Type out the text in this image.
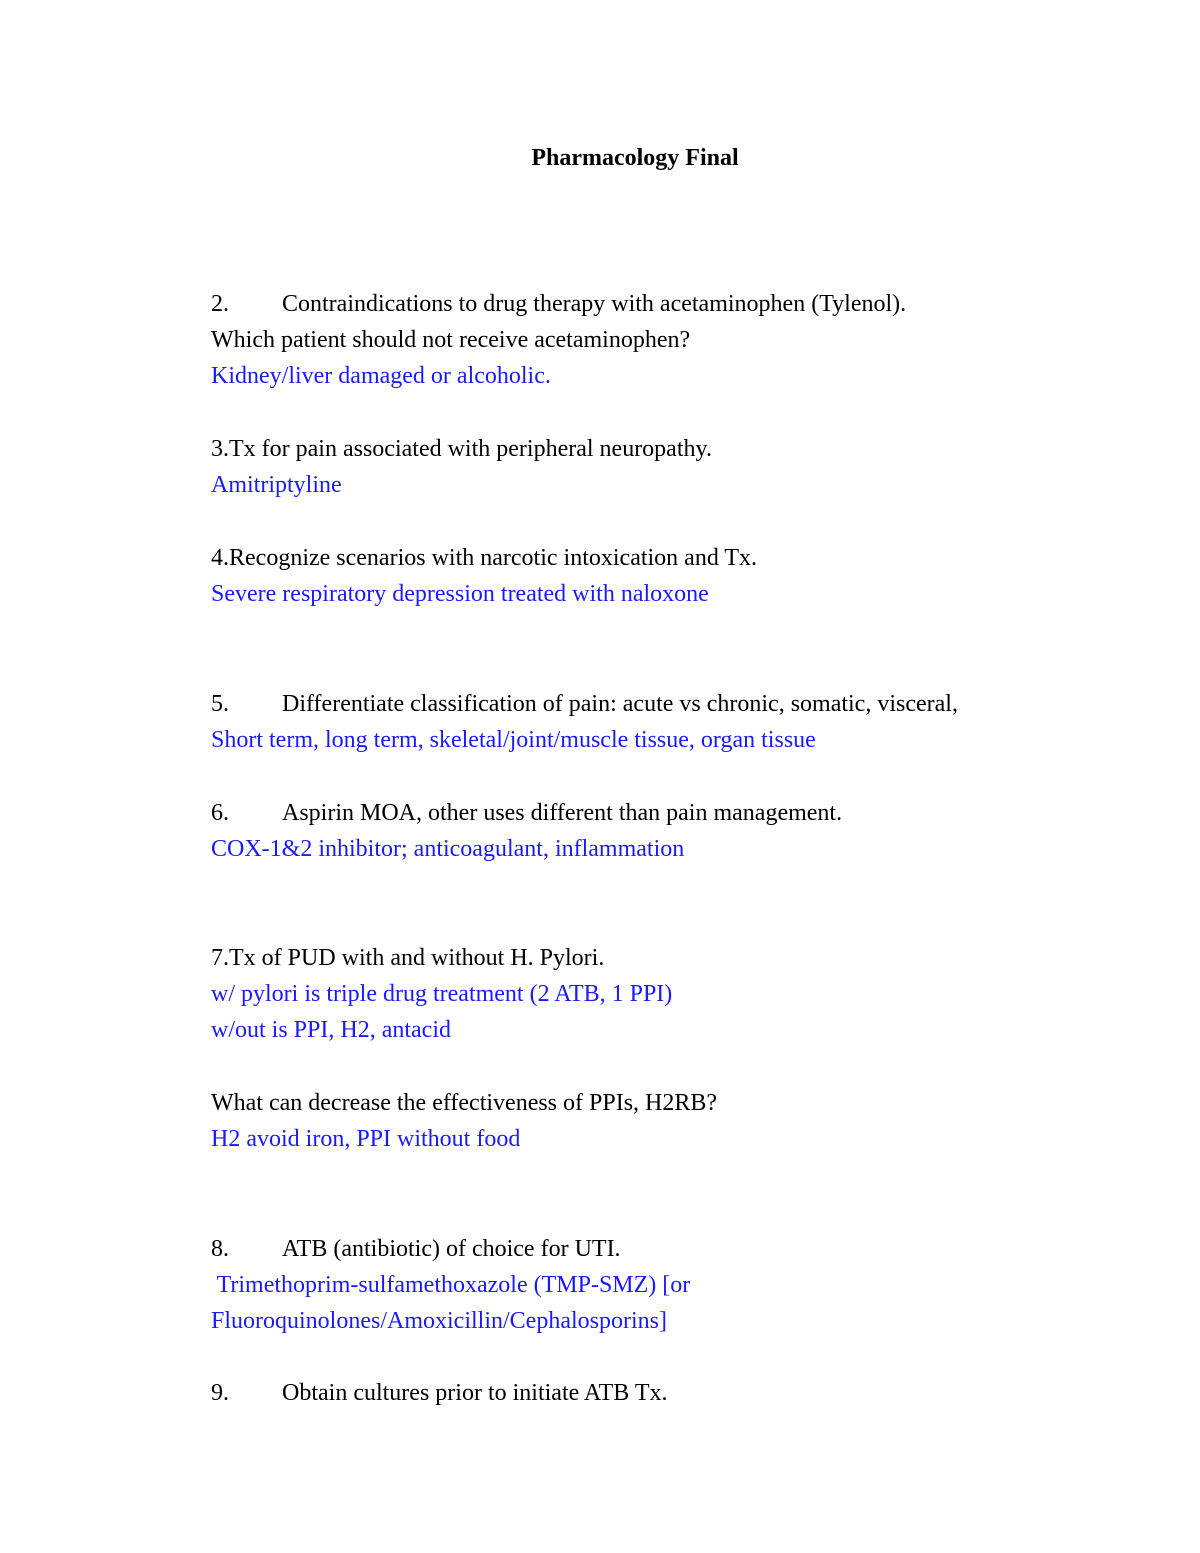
Pharmacology Final
2. Contraindications to drug therapy with acetaminophen (Tylenol).
Which patient should not receive acetaminophen?
Kidney/liver damaged or alcoholic.
3.Tx for pain associated with peripheral neuropathy.
Amitriptyline
4.Recognize scenarios with narcotic intoxication and Tx.
Severe respiratory depression treated with naloxone
5. Differentiate classification of pain: acute vs chronic, somatic, visceral,
Short term, long term, skeletal/joint/muscle tissue, organ tissue
6. Aspirin MOA, other uses different than pain management.
COX-1&2 inhibitor; anticoagulant, inflammation
7.Tx of PUD with and without H. Pylori.
w/ pylori is triple drug treatment (2 ATB, 1 PPI)
w/out is PPI, H2, antacid
What can decrease the effectiveness of PPIs, H2RB?
H2 avoid iron, PPI without food
8. ATB (antibiotic) of choice for UTI.
Trimethoprim-sulfamethoxazole (TMP-SMZ) [or
Fluoroquinolones/Amoxicillin/Cephalosporins]
9. Obtain cultures prior to initiate ATB Tx.
